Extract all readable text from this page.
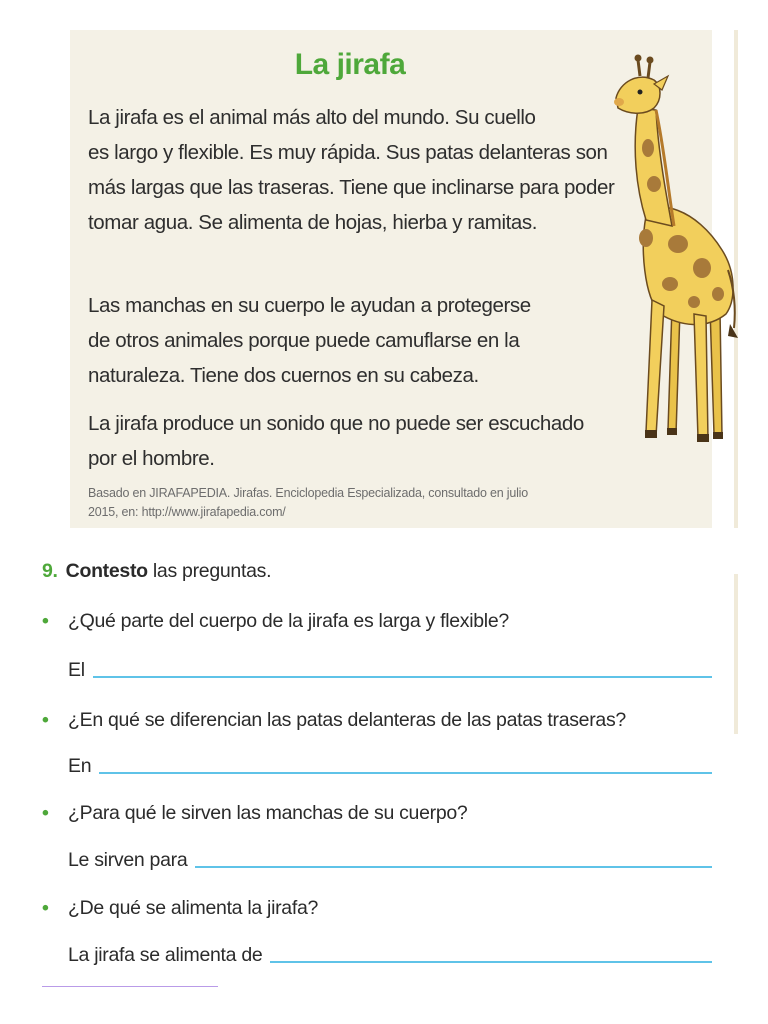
La jirafa
La jirafa es el animal más alto del mundo. Su cuello
es largo y flexible. Es muy rápida. Sus patas delanteras son
más largas que las traseras. Tiene que inclinarse para poder
tomar agua. Se alimenta de hojas, hierba y ramitas.
Las manchas en su cuerpo le ayudan a protegerse
de otros animales porque puede camuflarse en la
naturaleza. Tiene dos cuernos en su cabeza.
La jirafa produce un sonido que no puede ser escuchado
por el hombre.
Basado en JIRAFAPEDIA. Jirafas. Enciclopedia Especializada, consultado en julio
2015, en: http://www.jirafapedia.com/
9. Contesto las preguntas.
• ¿Qué parte del cuerpo de la jirafa es larga y flexible?
El
• ¿En qué se diferencian las patas delanteras de las patas traseras?
En
• ¿Para qué le sirven las manchas de su cuerpo?
Le sirven para
• ¿De qué se alimenta la jirafa?
La jirafa se alimenta de
